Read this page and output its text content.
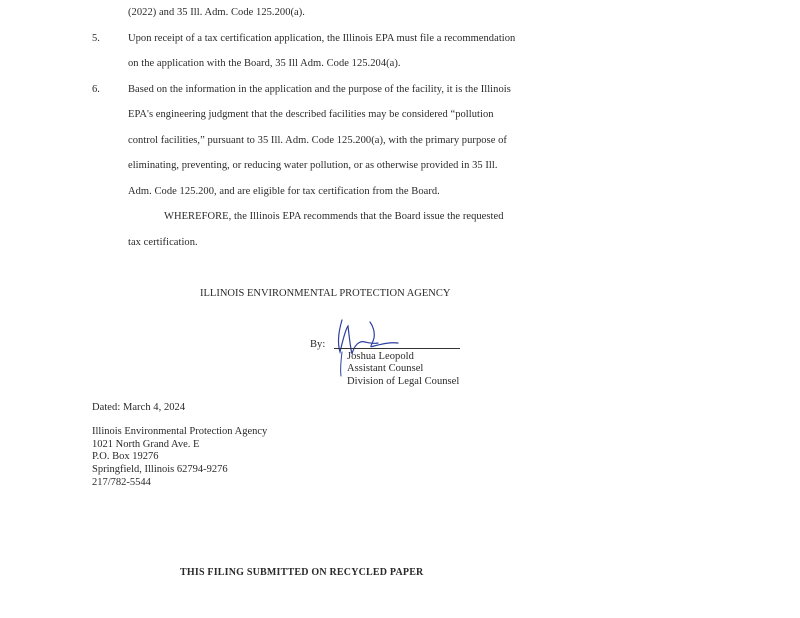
(2022) and 35 Ill. Adm. Code 125.200(a).
5.	Upon receipt of a tax certification application, the Illinois EPA must file a recommendation
on the application with the Board, 35 Ill Adm. Code 125.204(a).
6.	Based on the information in the application and the purpose of the facility, it is the Illinois
EPA's engineering judgment that the described facilities may be considered “pollution
control facilities,” pursuant to 35 Ill. Adm. Code 125.200(a), with the primary purpose of
eliminating, preventing, or reducing water pollution, or as otherwise provided in 35 Ill.
Adm. Code 125.200, and are eligible for tax certification from the Board.
WHEREFORE, the Illinois EPA recommends that the Board issue the requested
tax certification.
ILLINOIS ENVIRONMENTAL PROTECTION AGENCY
By:
Joshua Leopold
Assistant Counsel
Division of Legal Counsel
Dated: March 4, 2024
Illinois Environmental Protection Agency
1021 North Grand Ave. E
P.O. Box 19276
Springfield, Illinois 62794-9276
217/782-5544
THIS FILING SUBMITTED ON RECYCLED PAPER
